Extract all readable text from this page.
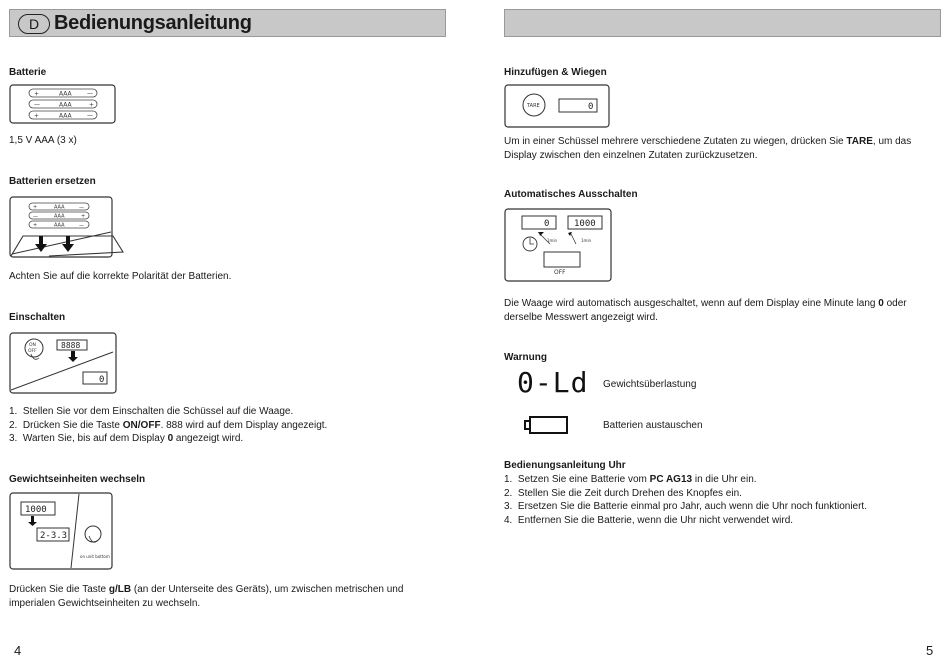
D Bedienungsanleitung
Batterie
+	AAA	—
—	AAA	+
+	AAA	—
1,5 V AAA (3 x)
Batterien ersetzen
+	AAA	—
—	AAA	+
+	AAA	—
Achten Sie auf die korrekte Polarität der Batterien.
Einschalten
ON
OFF
8888
0
1. Stellen Sie vor dem Einschalten die Schüssel auf die Waage.
2. Drücken Sie die Taste ON/OFF. 888 wird auf dem Display angezeigt.
3. Warten Sie, bis auf dem Display 0 angezeigt wird.
Gewichtseinheiten wechseln
1000
2-3.3
on unit bottom
Drücken Sie die Taste g/LB (an der Unterseite des Geräts), um zwischen metrischen und imperialen Gewichtseinheiten zu wechseln.
4
Hinzufügen & Wiegen
TARE	0
Um in einer Schüssel mehrere verschiedene Zutaten zu wiegen, drücken Sie TARE, um das Display zwischen den einzelnen Zutaten zurückzusetzen.
Automatisches Ausschalten
0	1000
1min	1min
OFF
Die Waage wird automatisch ausgeschaltet, wenn auf dem Display eine Minute lang 0 oder derselbe Messwert angezeigt wird.
Warnung
0-Ld Gewichtsüberlastung
Batterien austauschen
Bedienungsanleitung Uhr
1. Setzen Sie eine Batterie vom PC AG13 in die Uhr ein.
2. Stellen Sie die Zeit durch Drehen des Knopfes ein.
3. Ersetzen Sie die Batterie einmal pro Jahr, auch wenn die Uhr noch funktioniert.
4. Entfernen Sie die Batterie, wenn die Uhr nicht verwendet wird.
5
